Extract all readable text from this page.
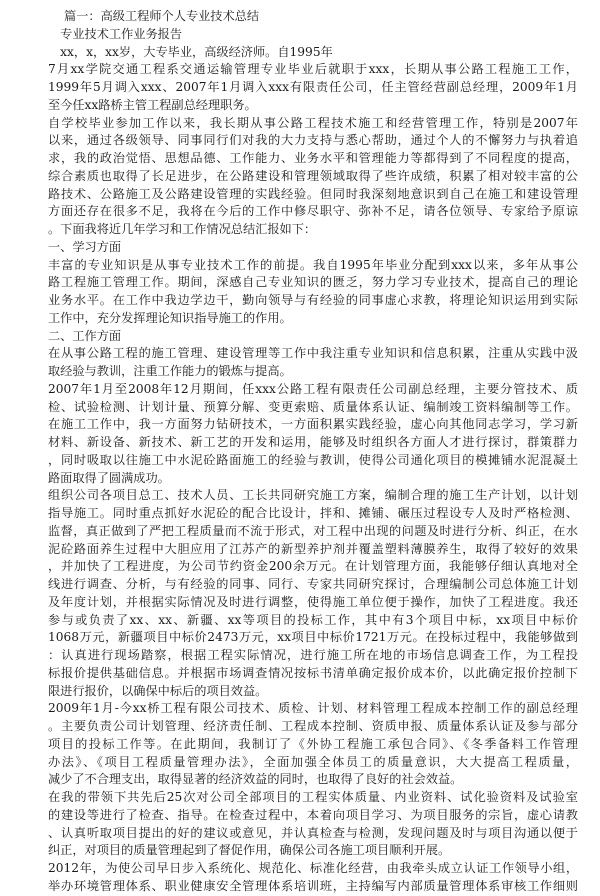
　 篇一：高级工程师个人专业技术总结
　专业技术工作业务报告
　xx，x，xx岁，大专毕业，高级经济师。自1995年
7月xx学院交通工程系交通运输管理专业毕业后就职于xxx，长期从事公路工程施工工作，
1999年5月调入xxx、2007年1月调入xxx有限责任公司，任主管经营副总经理，2009年1月
至今任xx路桥主管工程副总经理职务。
自学校毕业参加工作以来，我长期从事公路工程技术施工和经营管理工作，特别是2007年
以来，通过各级领导、同事同行们对我的大力支持与悉心帮助，通过个人的不懈努力与执着追
求，我的政治觉悟、思想品德、工作能力、业务水平和管理能力等都得到了不同程度的提高，
综合素质也取得了长足进步，在公路建设和管理领域取得了些许成绩，积累了相对较丰富的公
路技术、公路施工及公路建设管理的实践经验。但同时我深刻地意识到自己在施工和建设管理
方面还存在很多不足，我将在今后的工作中修尽职守、弥补不足，请各位领导、专家给予原谅
。下面我将近几年学习和工作情况总结汇报如下：
一、学习方面
丰富的专业知识是从事专业技术工作的前提。我自1995年毕业分配到xxx以来，多年从事公
路工程施工管理工作。期间，深感自己专业知识的匮乏，努力学习专业技术，提高自己的理论
业务水平。在工作中我边学边干，勤向领导与有经验的同事虚心求教，将理论知识运用到实际
工作中，充分发挥理论知识指导施工的作用。
二、工作方面
在从事公路工程的施工管理、建设管理等工作中我注重专业知识和信息积累，注重从实践中汲
取经验与教训，注重工作能力的锻炼与提高。
2007年1月至2008年12月期间，任xxx公路工程有限责任公司副总经理，主要分管技术、质
检、试验检测、计划计量、预算分解、变更索赔、质量体系认证、编制竣工资料编制等工作。
在施工工作中，我一方面努力钻研技术，一方面积累实践经验，虚心向其他同志学习，学习新
材料、新设备、新技术、新工艺的开发和运用，能够及时组织各方面人才进行探讨，群策群力
，同时吸取以往施工中水泥砼路面施工的经验与教训，使得公司通化项目的模摊铺水泥混凝土
路面取得了圆满成功。
组织公司各项目总工、技术人员、工长共同研究施工方案，编制合理的施工生产计划，以计划
指导施工。同时重点抓好水泥砼的配合比设计，拌和、摊铺、碾压过程设专人及时严格检测、
监督，真正做到了严把工程质量而不流于形式，对工程中出现的问题及时进行分析、纠正，在水
泥砼路面养生过程中大胆应用了江苏产的新型养护剂并覆盖塑料薄膜养生，取得了较好的效果
，并加快了工程进度，为公司节约资金200余万元。在计划管理方面，我能够仔细认真地对全
线进行调查、分析，与有经验的同事、同行、专家共同研究探讨，合理编制公司总体施工计划
及年度计划，并根据实际情况及时进行调整，使得施工单位便于操作，加快了工程进度。我还
参与或负责了xx、xx、新疆、xx等项目的投标工作，其中有3个项目中标，xx项目中标价
1068万元，新疆项目中标价2473万元，xx项目中标价1721万元。在投标过程中，我能够做到
：认真进行现场踏察，根据工程实际情况，进行施工所在地的市场信息调查工作，为工程投
标报价提供基础信息。并根据市场调查情况按标书清单确定报价成本价，以此确定报价控制下
限进行报价，以确保中标后的项目效益。
2009年1月-今xx桥工程有限公司技术、质检、计划、材料管理工程成本控制工作的副总经理
。主要负责公司计划管理、经济责任制、工程成本控制、资质申报、质量体系认证及参与部分
项目的投标工作等。在此期间，我制订了《外协工程施工承包合同》、《冬季备料工作管理
办法》、《项目工程质量管理办法》，全面加强全体员工的质量意识，大大提高工程质量，
减少了不合理支出，取得显著的经济效益的同时，也取得了良好的社会效益。
在我的带领下共先后25次对公司全部项目的工程实体质量、内业资料、试化验资料及试验室
的建设等进行了检查、指导。在检查过程中，本着向项目学习、为项目服务的宗旨，虚心请教
、认真听取项目提出的好的建议或意见，并认真检查与检测，发现问题及时与项目沟通以便于
纠正，对项目的质量管理起到了督促作用，确保公司各施工项目顺利开展。
2012年，为使公司早日步入系统化、规范化、标准化经营，由我牵头成立认证工作领导小组，
举办环境管理体系、职业健康安全管理体系培训班，主持编写内部质量管理体系审核工作细则
